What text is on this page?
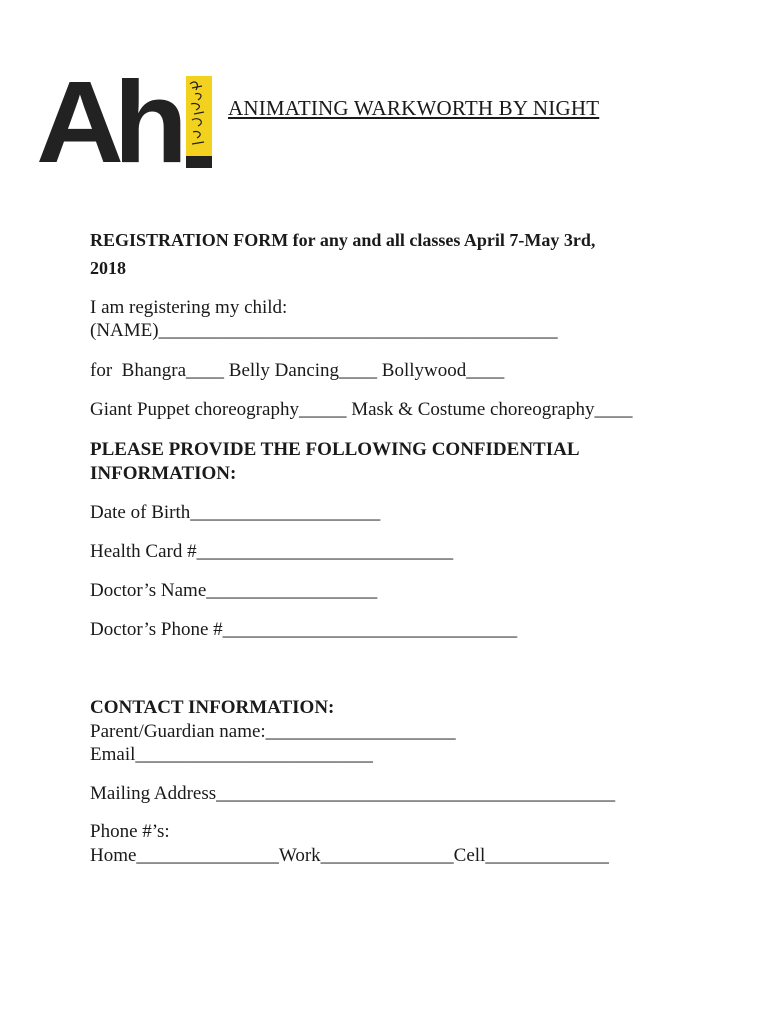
Ah ANIMATING WARKWORTH BY NIGHT
REGISTRATION FORM for any and all classes April 7-May 3rd,
2018
I am registering my child:
(NAME)__________________________________________
for  Bhangra____ Belly Dancing____ Bollywood____
Giant Puppet choreography_____ Mask & Costume choreography____
PLEASE PROVIDE THE FOLLOWING CONFIDENTIAL
INFORMATION:
Date of Birth____________________
Health Card #___________________________
Doctor’s Name__________________
Doctor’s Phone #_______________________________
CONTACT INFORMATION:
Parent/Guardian name:____________________
Email_________________________
Mailing Address__________________________________________
Phone #’s:
Home_______________Work______________Cell_____________
